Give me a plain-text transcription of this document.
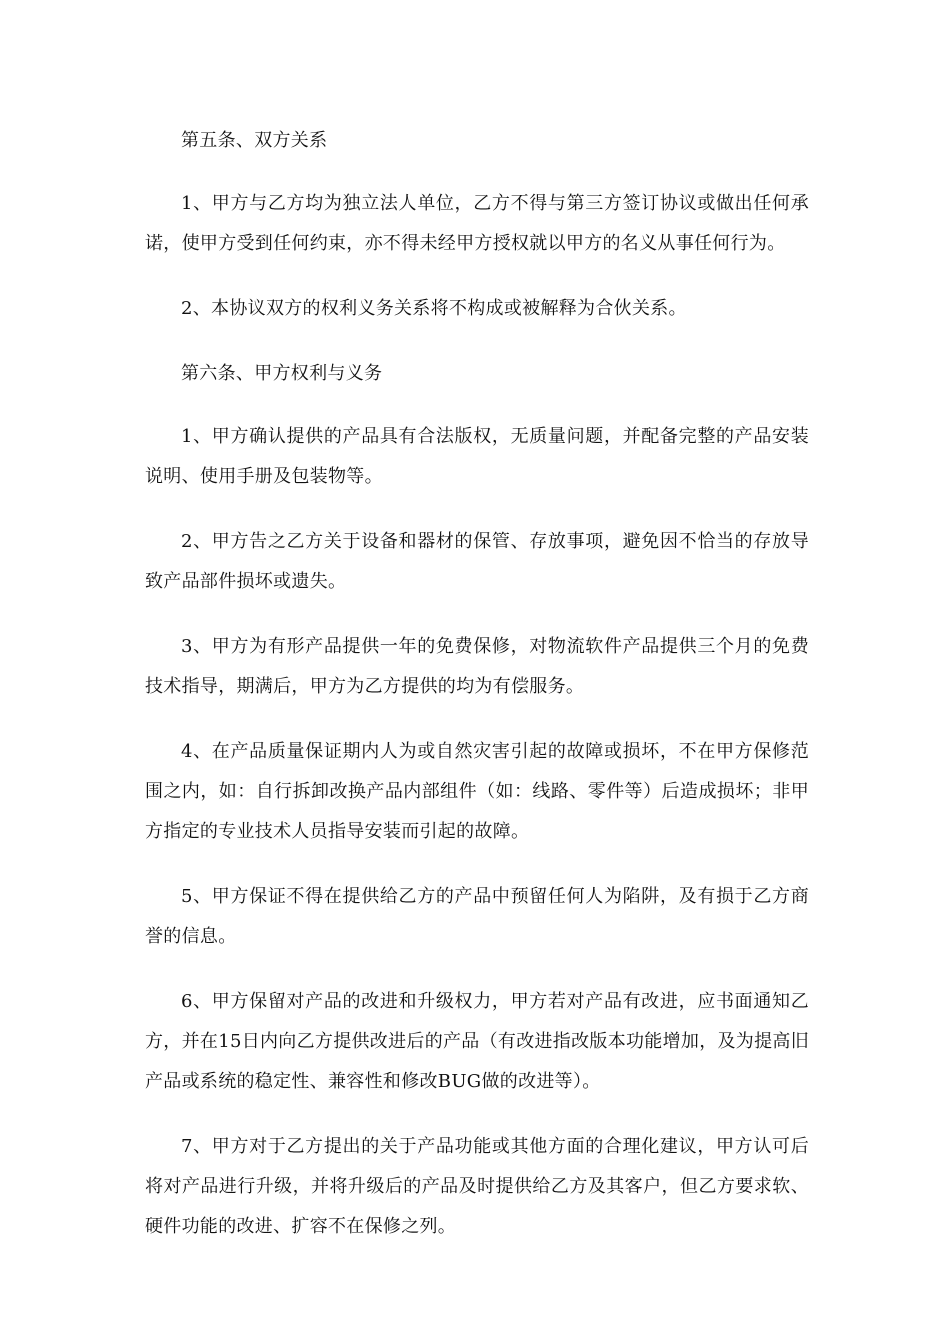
第五条、双方关系

1、甲方与乙方均为独立法人单位，乙方不得与第三方签订协议或做出任何承诺，使甲方受到任何约束，亦不得未经甲方授权就以甲方的名义从事任何行为。

2、本协议双方的权利义务关系将不构成或被解释为合伙关系。

第六条、甲方权利与义务

1、甲方确认提供的产品具有合法版权，无质量问题，并配备完整的产品安装说明、使用手册及包装物等。

2、甲方告之乙方关于设备和器材的保管、存放事项，避免因不恰当的存放导致产品部件损坏或遗失。

3、甲方为有形产品提供一年的免费保修，对物流软件产品提供三个月的免费技术指导，期满后，甲方为乙方提供的均为有偿服务。

4、在产品质量保证期内人为或自然灾害引起的故障或损坏，不在甲方保修范围之内，如：自行拆卸改换产品内部组件（如：线路、零件等）后造成损坏；非甲方指定的专业技术人员指导安装而引起的故障。

5、甲方保证不得在提供给乙方的产品中预留任何人为陷阱，及有损于乙方商誉的信息。

6、甲方保留对产品的改进和升级权力，甲方若对产品有改进，应书面通知乙方，并在15日内向乙方提供改进后的产品（有改进指改版本功能增加，及为提高旧产品或系统的稳定性、兼容性和修改BUG做的改进等）。

7、甲方对于乙方提出的关于产品功能或其他方面的合理化建议，甲方认可后将对产品进行升级，并将升级后的产品及时提供给乙方及其客户，但乙方要求软、硬件功能的改进、扩容不在保修之列。
